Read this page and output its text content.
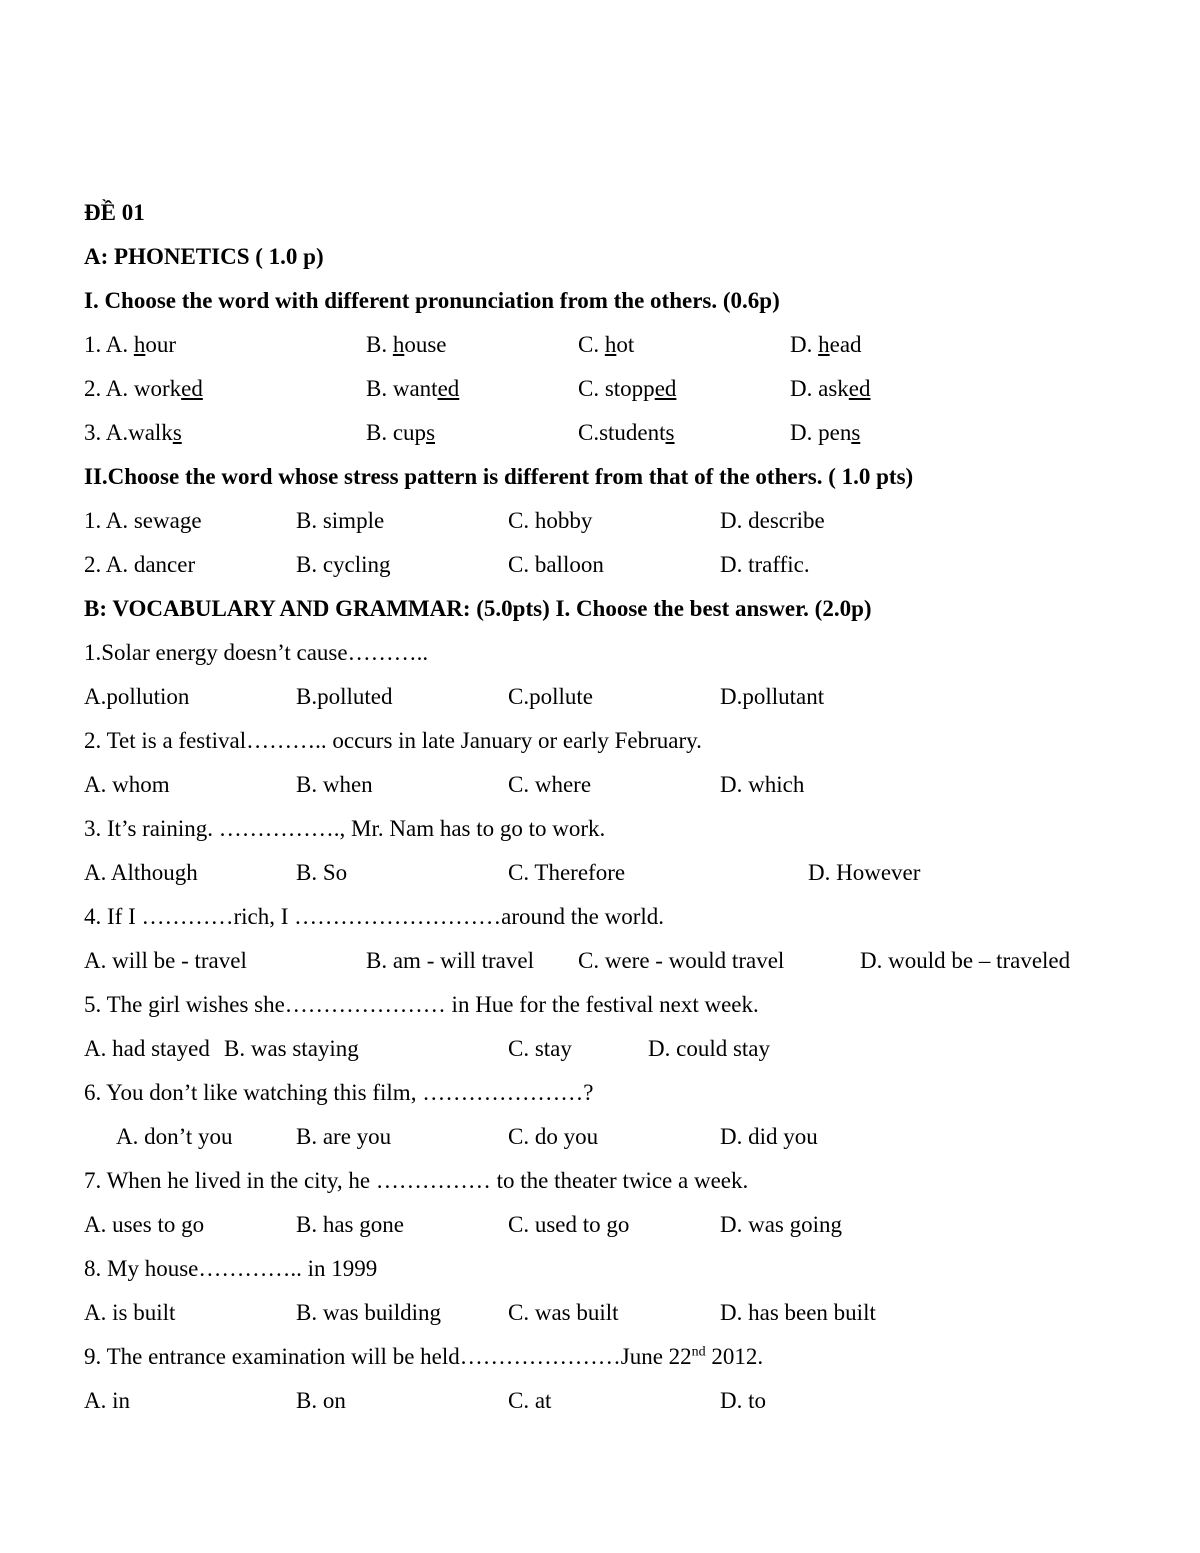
ĐỀ 01
A: PHONETICS ( 1.0 p)
I. Choose the word with different pronunciation from the others. (0.6p)
1. A. hour	B. house	C. hot	D. head
2. A. worked	B. wanted	C. stopped	D. asked
3. A.walks	B. cups	C.students	D. pens
II.Choose the word whose stress pattern is different from that of the others. ( 1.0 pts)
1. A. sewage	B. simple	C. hobby	D. describe
2. A. dancer	B. cycling	C. balloon	D. traffic.
B: VOCABULARY AND GRAMMAR: (5.0pts) I. Choose the best answer. (2.0p)
1.Solar energy doesn’t cause………..
A.pollution	B.polluted	C.pollute	D.pollutant
2. Tet is a festival……….. occurs in late January or early February.
A. whom	B. when	C. where	D. which
3. It’s raining. ……………., Mr. Nam has to go to work.
A. Although	B. So	C. Therefore	D. However
4. If I …………rich, I ………………………around the world.
A. will be - travel	B. am - will travel C. were - would travel	D. would be – traveled
5. The girl wishes she………………… in Hue for the festival next week.
A. had stayed B. was staying	C. stay	D. could stay
6. You don’t like watching this film, …………………?
A. don’t you	B. are you	C. do you	D. did you
7. When he lived in the city, he …………… to the theater twice a week.
A. uses to go	B. has gone	C. used to go	D. was going
8. My house………….. in 1999
A. is built	B. was building	C. was built	D. has been built
9. The entrance examination will be held…………………June 22nd 2012.
A. in	B. on	C. at	D. to
